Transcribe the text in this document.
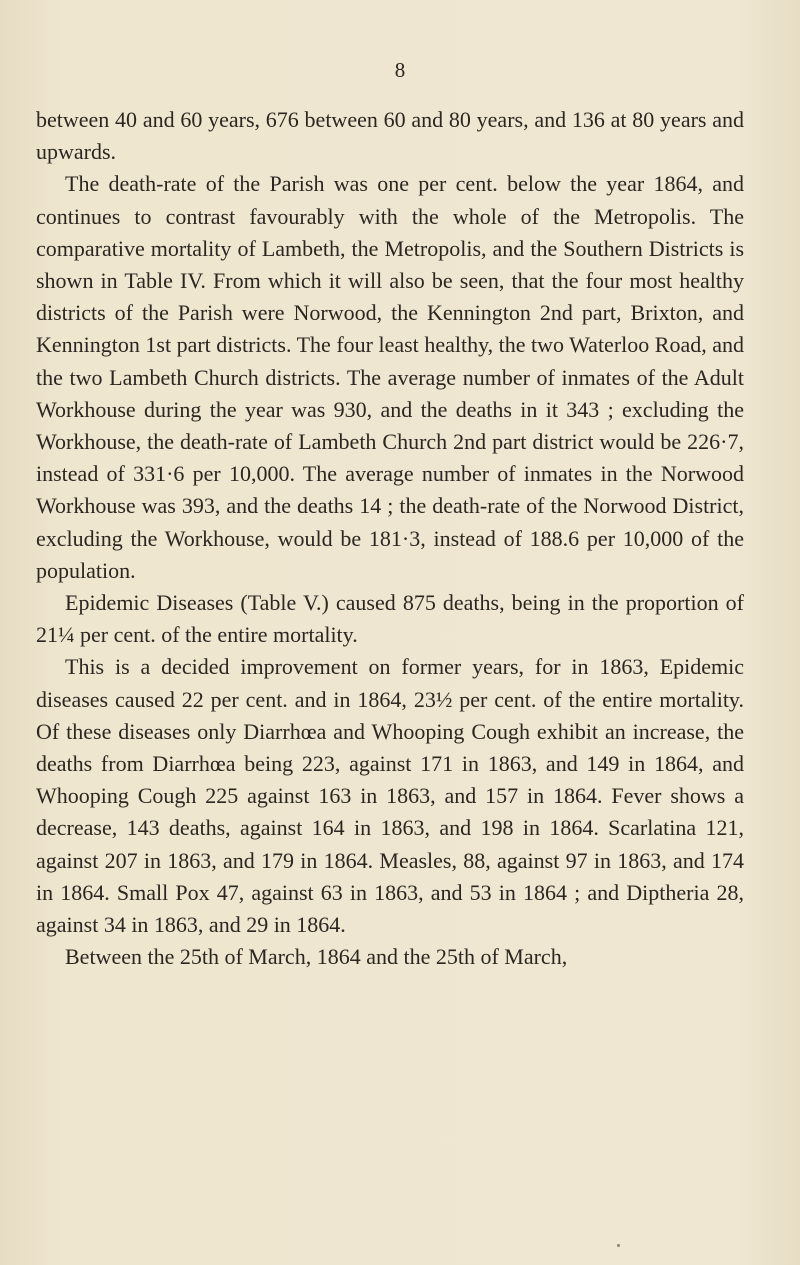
8

between 40 and 60 years, 676 between 60 and 80 years, and 136 at 80 years and upwards.

The death-rate of the Parish was one per cent. below the year 1864, and continues to contrast favourably with the whole of the Metropolis. The comparative mortality of Lambeth, the Metropolis, and the Southern Districts is shown in Table IV. From which it will also be seen, that the four most healthy districts of the Parish were Norwood, the Kennington 2nd part, Brixton, and Kennington 1st part districts. The four least healthy, the two Waterloo Road, and the two Lambeth Church districts. The average number of inmates of the Adult Workhouse during the year was 930, and the deaths in it 343 ; excluding the Workhouse, the death-rate of Lambeth Church 2nd part district would be 226·7, instead of 331·6 per 10,000. The average number of inmates in the Norwood Workhouse was 393, and the deaths 14 ; the death-rate of the Norwood District, excluding the Workhouse, would be 181·3, instead of 188.6 per 10,000 of the population.

Epidemic Diseases (Table V.) caused 875 deaths, being in the proportion of 21¼ per cent. of the entire mortality.

This is a decided improvement on former years, for in 1863, Epidemic diseases caused 22 per cent. and in 1864, 23½ per cent. of the entire mortality. Of these diseases only Diarrhœa and Whooping Cough exhibit an increase, the deaths from Diarrhœa being 223, against 171 in 1863, and 149 in 1864, and Whooping Cough 225 against 163 in 1863, and 157 in 1864. Fever shows a decrease, 143 deaths, against 164 in 1863, and 198 in 1864. Scarlatina 121, against 207 in 1863, and 179 in 1864. Measles, 88, against 97 in 1863, and 174 in 1864. Small Pox 47, against 63 in 1863, and 53 in 1864 ; and Diptheria 28, against 34 in 1863, and 29 in 1864.

Between the 25th of March, 1864 and the 25th of March,
